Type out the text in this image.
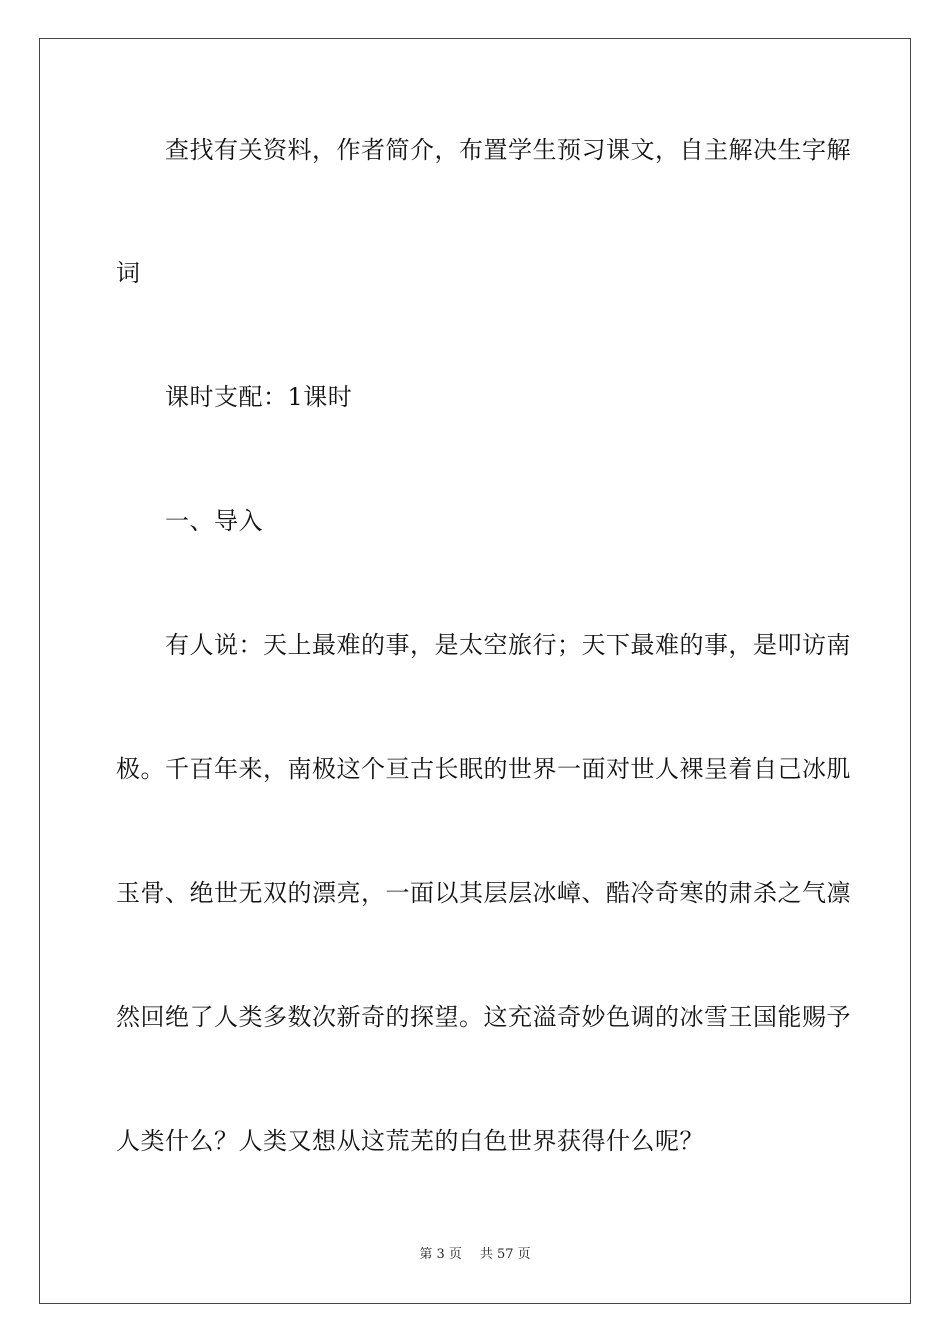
查找有关资料，作者简介，布置学生预习课文，自主解决生字解
词
课时支配：1课时
一、导入
有人说：天上最难的事，是太空旅行；天下最难的事，是叩访南
极。千百年来，南极这个亘古长眠的世界一面对世人裸呈着自己冰肌
玉骨、绝世无双的漂亮，一面以其层层冰嶂、酷冷奇寒的肃杀之气凛
然回绝了人类多数次新奇的探望。这充溢奇妙色调的冰雪王国能赐予
人类什么？人类又想从这荒芜的白色世界获得什么呢？
第 3 页 共 57 页
